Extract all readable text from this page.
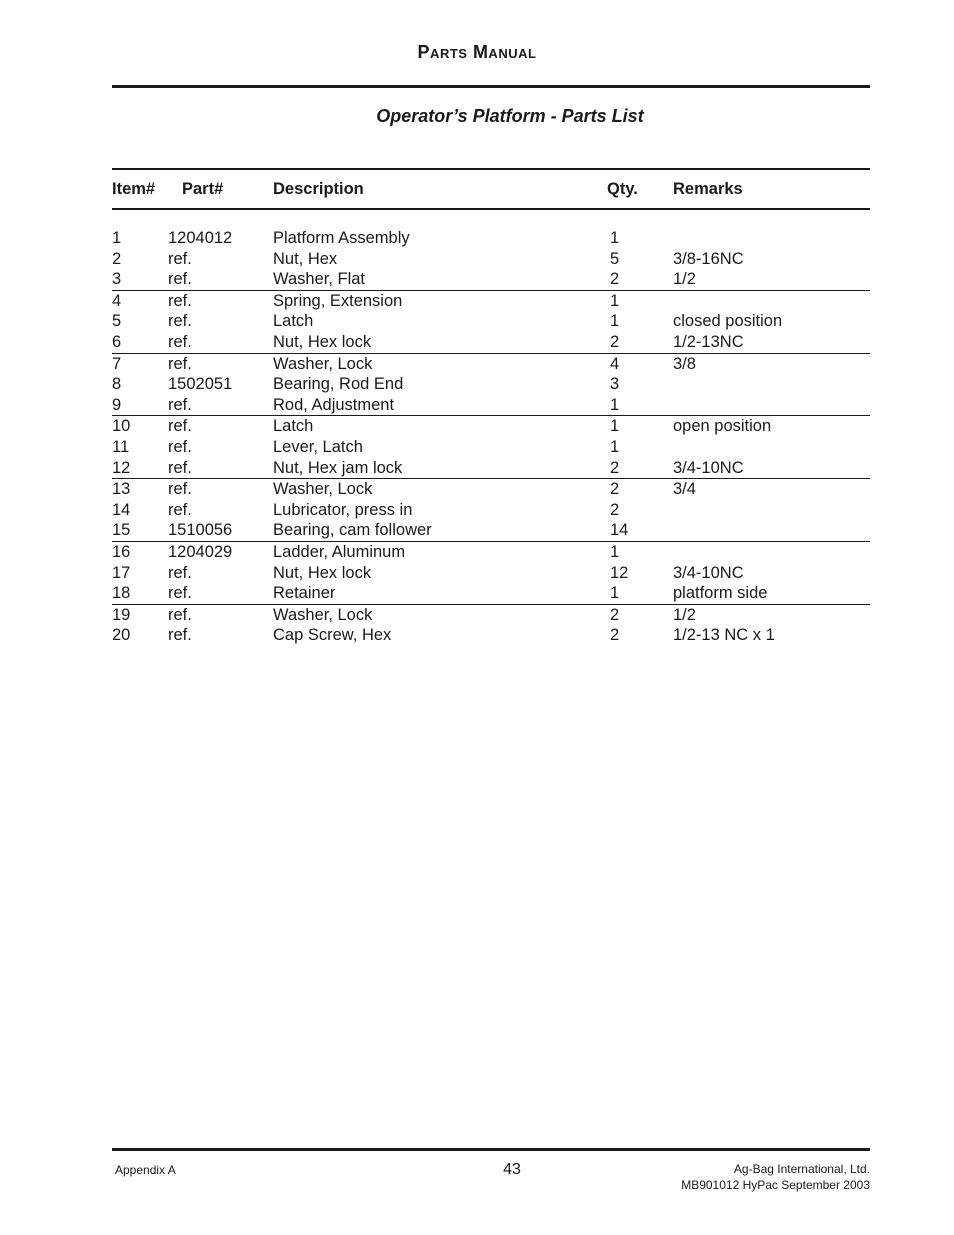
Parts Manual
Operator’s Platform - Parts List
Item# Part#	Description	Qty. Remarks
1	1204012 Platform Assembly	1
2	ref.	Nut, Hex	5	3/8-16NC
3	ref.	Washer, Flat	2	1/2
4	ref.	Spring, Extension	1
5	ref.	Latch	1	closed position
6	ref.	Nut, Hex lock	2	1/2-13NC
7	ref.	Washer, Lock	4	3/8
8	1502051 Bearing, Rod End	3
9	ref.	Rod, Adjustment	1
10 ref.	Latch	1	open position
11 ref.	Lever, Latch	1
12 ref.	Nut, Hex jam lock	2	3/4-10NC
13 ref.	Washer, Lock	2	3/4
14 ref.	Lubricator, press in	2
15 1510056 Bearing, cam follower	14
16 1204029 Ladder, Aluminum	1
17 ref.	Nut, Hex lock	12	3/4-10NC
18 ref.	Retainer	1	platform side
19 ref.	Washer, Lock	2	1/2
20 ref.	Cap Screw, Hex	2	1/2-13 NC x 1
Appendix A	43	Ag-Bag International, Ltd.
MB901012 HyPac September 2003
